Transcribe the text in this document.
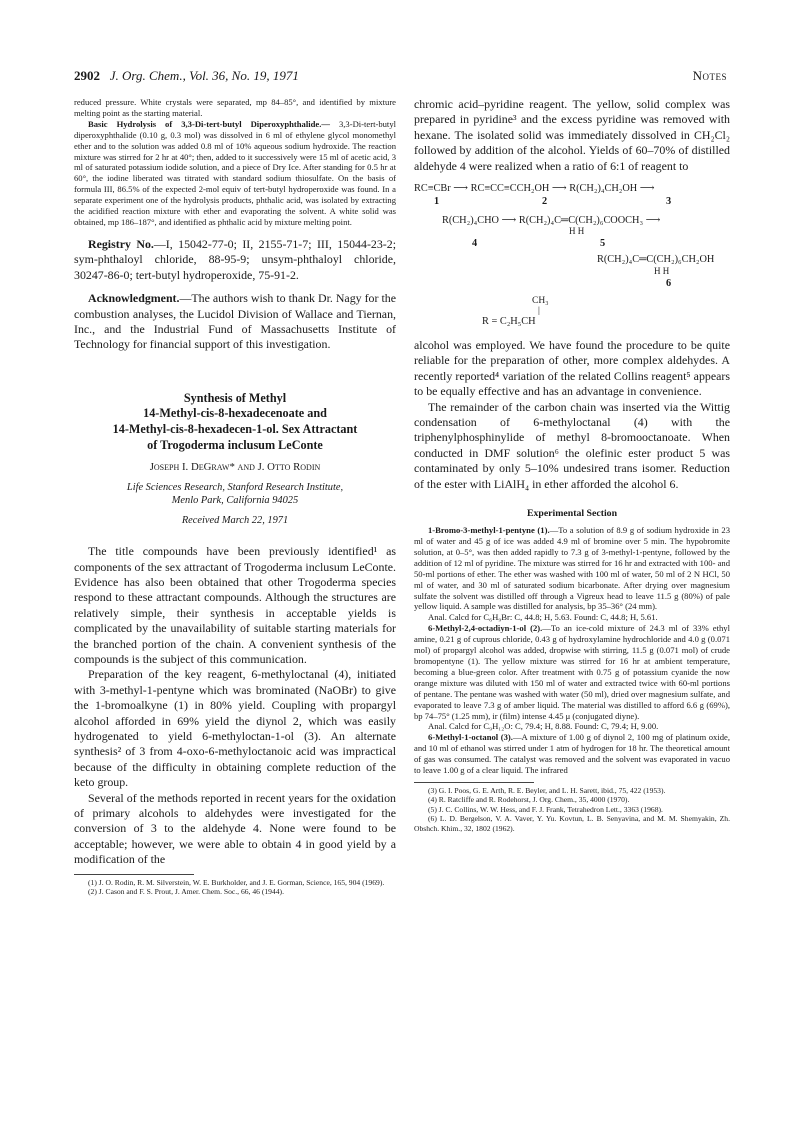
2902 J. Org. Chem., Vol. 36, No. 19, 1971	Notes

reduced pressure. White crystals were separated, mp 84–85°, and identified by mixture melting point as the starting material.

Basic Hydrolysis of 3,3-Di-tert-butyl Diperoxyphthalide.— 3,3-Di-tert-butyl diperoxyphthalide (0.10 g, 0.3 mol) was dissolved in 6 ml of ethylene glycol monomethyl ether and to the solution was added 0.8 ml of 10% aqueous sodium hydroxide. The reaction mixture was stirred for 2 hr at 40°; then, added to it successively were 15 ml of acetic acid, 3 ml of saturated potassium iodide solution, and a piece of Dry Ice. After standing for 0.5 hr at 60°, the iodine liberated was titrated with standard sodium thiosulfate. On the basis of formula III, 86.5% of the expected 2-mol equiv of tert-butyl hydroperoxide was found. In a separate experiment one of the hydrolysis products, phthalic acid, was isolated by extracting the acidified reaction mixture with ether and evaporating the solvent. A white solid was obtained, mp 186–187°, and identified as phthalic acid by mixture melting point.

Registry No.—I, 15042-77-0; II, 2155-71-7; III, 15044-23-2; sym-phthaloyl chloride, 88-95-9; unsym-phthaloyl chloride, 30247-86-0; tert-butyl hydroperoxide, 75-91-2.

Acknowledgment.—The authors wish to thank Dr. Nagy for the combustion analyses, the Lucidol Division of Wallace and Tiernan, Inc., and the Industrial Fund of Massachusetts Institute of Technology for financial support of this investigation.

Synthesis of Methyl

14-Methyl-cis-8-hexadecenoate and

14-Methyl-cis-8-hexadecen-1-ol. Sex Attractant

of Trogoderma inclusum LeConte

Joseph I. DeGraw* and J. Otto Rodin

Life Sciences Research, Stanford Research Institute,
Menlo Park, California 94025

Received March 22, 1971

The title compounds have been previously identified¹ as components of the sex attractant of Trogoderma inclusum LeConte. Evidence has also been obtained that other Trogoderma species respond to these attractant compounds. Although the structures are relatively simple, their synthesis in acceptable yields is complicated by the unavailability of suitable starting materials for the branched portion of the chain. A convenient synthesis of the compounds is the subject of this communication.

Preparation of the key reagent, 6-methyloctanal (4), initiated with 3-methyl-1-pentyne which was brominated (NaOBr) to give the 1-bromoalkyne (1) in 80% yield. Coupling with propargyl alcohol afforded in 69% yield the diynol 2, which was easily hydrogenated to yield 6-methyloctan-1-ol (3). An alternate synthesis² of 3 from 4-oxo-6-methyloctanoic acid was impractical because of the difficulty in obtaining complete reduction of the keto group.

Several of the methods reported in recent years for the oxidation of primary alcohols to aldehydes were investigated for the conversion of 3 to the aldehyde 4. None were found to be acceptable; however, we were able to obtain 4 in good yield by a modification of the

(1) J. O. Rodin, R. M. Silverstein, W. E. Burkholder, and J. E. Gorman, Science, 165, 904 (1969).

(2) J. Cason and F. S. Prout, J. Amer. Chem. Soc., 66, 46 (1944).

chromic acid–pyridine reagent. The yellow, solid complex was prepared in pyridine³ and the excess pyridine was removed with hexane. The isolated solid was immediately dissolved in CH₂Cl₂ followed by addition of the alcohol. Yields of 60–70% of distilled aldehyde 4 were realized when a ratio of 6:1 of reagent to

RC≡CBr ⟶ RC≡CC≡CCH₂OH ⟶ R(CH₂)₄CH₂OH ⟶
1	2	3
R(CH₂)₄CHO ⟶ R(CH₂)₄C═C(CH₂)₆COOCH₃ ⟶
H H
4	5
R(CH₂)₄C═C(CH₂)₆CH₂OH
H H
6
CH₃
|
R = C₂H₅CH

alcohol was employed. We have found the procedure to be quite reliable for the preparation of other, more complex aldehydes. A recently reported⁴ variation of the related Collins reagent⁵ appears to be equally effective and has an advantage in convenience.

The remainder of the carbon chain was inserted via the Wittig condensation of 6-methyloctanal (4) with the triphenylphosphinylide of methyl 8-bromooctanoate. When conducted in DMF solution⁶ the olefinic ester product 5 was contaminated by only 5–10% undesired trans isomer. Reduction of the ester with LiAlH₄ in ether afforded the alcohol 6.

Experimental Section

1-Bromo-3-methyl-1-pentyne (1).—To a solution of 8.9 g of sodium hydroxide in 23 ml of water and 45 g of ice was added 4.9 ml of bromine over 5 min. The hypobromite solution, at 0–5°, was then added rapidly to 7.3 g of 3-methyl-1-pentyne, followed by the addition of 12 ml of pyridine. The mixture was stirred for 16 hr and extracted with 100- and 50-ml portions of ether. The ether was washed with 100 ml of water, 50 ml of 2 N HCl, 50 ml of water, and 30 ml of saturated sodium bicarbonate. After drying over magnesium sulfate the solvent was distilled off through a Vigreux head to leave 11.5 g (80%) of pale yellow liquid. A sample was distilled for analysis, bp 35–36° (24 mm).

Anal. Calcd for C₆H₉Br: C, 44.8; H, 5.63. Found: C, 44.8; H, 5.61.

6-Methyl-2,4-octadiyn-1-ol (2).—To an ice-cold mixture of 24.3 ml of 33% ethyl amine, 0.21 g of cuprous chloride, 0.43 g of hydroxylamine hydrochloride and 4.0 g (0.071 mol) of propargyl alcohol was added, dropwise with stirring, 11.5 g (0.071 mol) of crude bromopentyne (1). The yellow mixture was stirred for 16 hr at ambient temperature, becoming a blue-green color. After treatment with 0.75 g of potassium cyanide the now orange mixture was diluted with 150 ml of water and extracted twice with 60-ml portions of pentane. The pentane was washed with water (50 ml), dried over magnesium sulfate, and evaporated to leave 7.3 g of amber liquid. The material was distilled to afford 6.6 g (69%), bp 74–75° (1.25 mm), ir (film) intense 4.45 μ (conjugated diyne).

Anal. Calcd for C₉H₁₂O: C, 79.4; H, 8.88. Found: C, 79.4; H, 9.00.

6-Methyl-1-octanol (3).—A mixture of 1.00 g of diynol 2, 100 mg of platinum oxide, and 10 ml of ethanol was stirred under 1 atm of hydrogen for 18 hr. The theoretical amount of gas was consumed. The catalyst was removed and the solvent was evaporated in vacuo to leave 1.00 g of a clear liquid. The infrared

(3) G. I. Poos, G. E. Arth, R. E. Beyler, and L. H. Sarett, ibid., 75, 422 (1953).

(4) R. Ratcliffe and R. Rodehorst, J. Org. Chem., 35, 4000 (1970).

(5) J. C. Collins, W. W. Hess, and F. J. Frank, Tetrahedron Lett., 3363 (1968).

(6) L. D. Bergelson, V. A. Vaver, Y. Yu. Kovtun, L. B. Senyavina, and M. M. Shemyakin, Zh. Obshch. Khim., 32, 1802 (1962).
